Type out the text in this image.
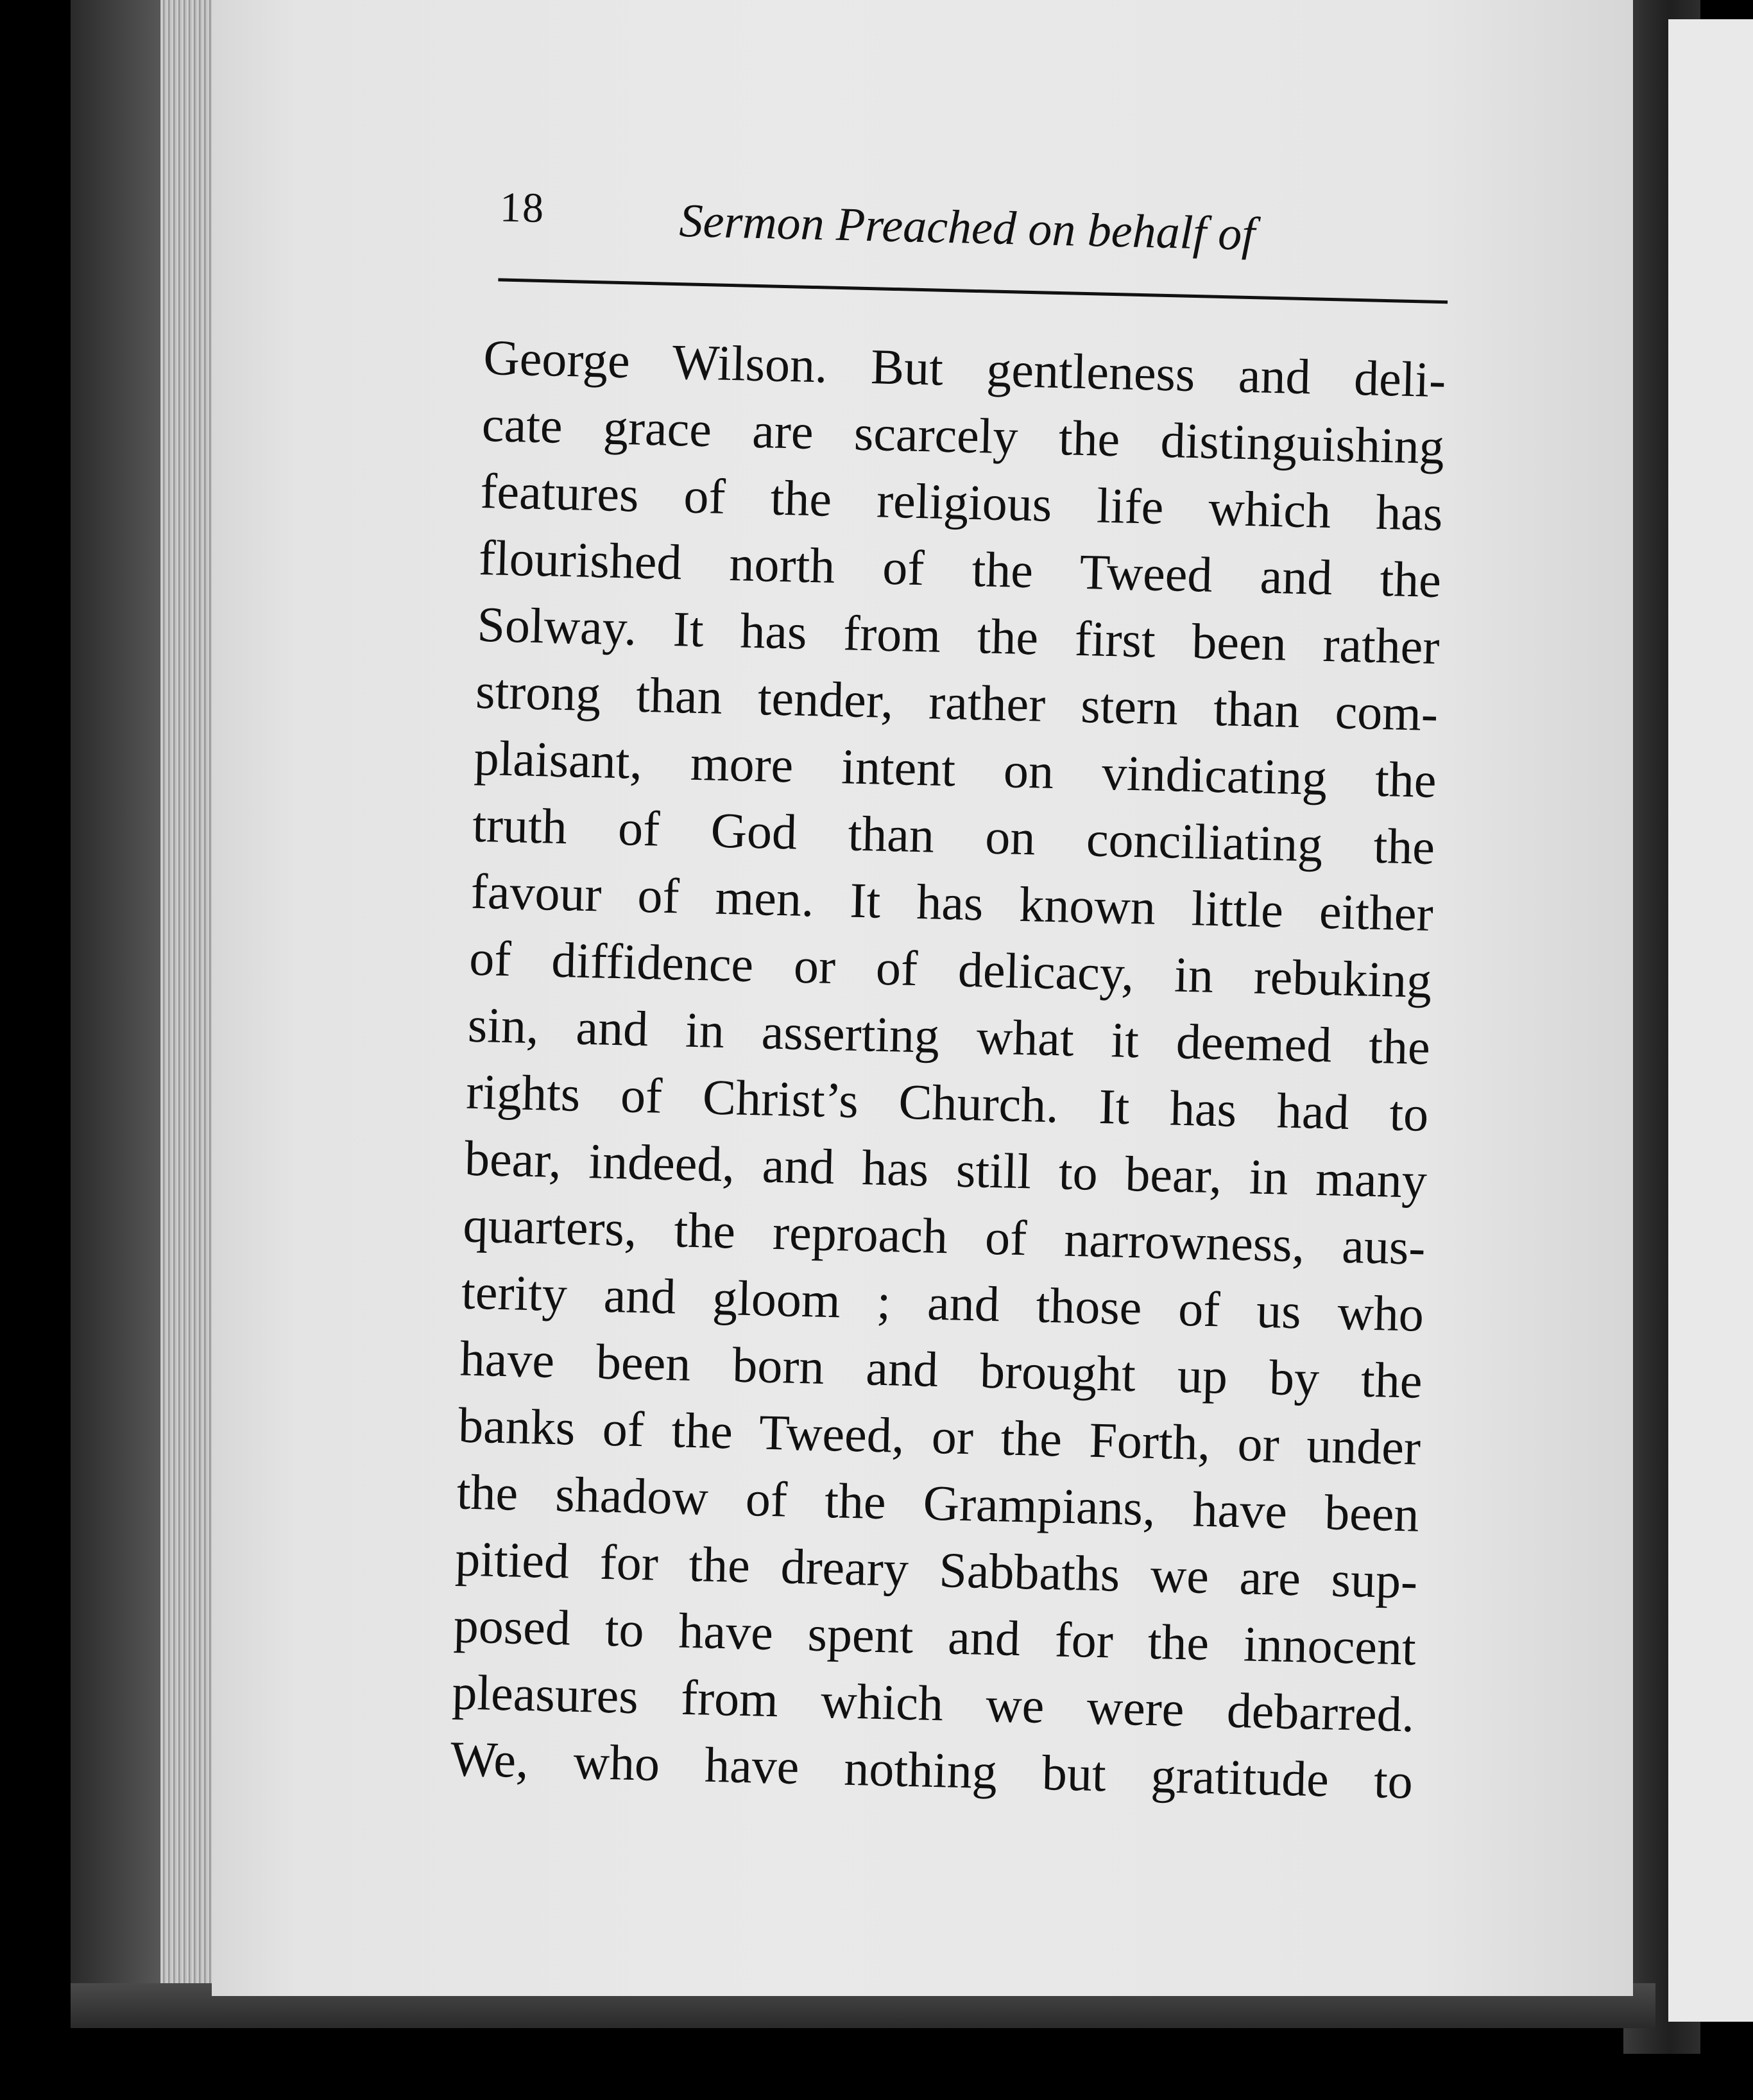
18	Sermon Preached on behalf of
George Wilson. But gentleness and deli-
cate grace are scarcely the distinguishing
features of the religious life which has
flourished north of the Tweed and the
Solway. It has from the first been rather
strong than tender, rather stern than com-
plaisant, more intent on vindicating the
truth of God than on conciliating the
favour of men. It has known little either
of diffidence or of delicacy, in rebuking
sin, and in asserting what it deemed the
rights of Christ’s Church. It has had to
bear, indeed, and has still to bear, in many
quarters, the reproach of narrowness, aus-
terity and gloom ; and those of us who
have been born and brought up by the
banks of the Tweed, or the Forth, or under
the shadow of the Grampians, have been
pitied for the dreary Sabbaths we are sup-
posed to have spent and for the innocent
pleasures from which we were debarred.
We, who have nothing but gratitude to
